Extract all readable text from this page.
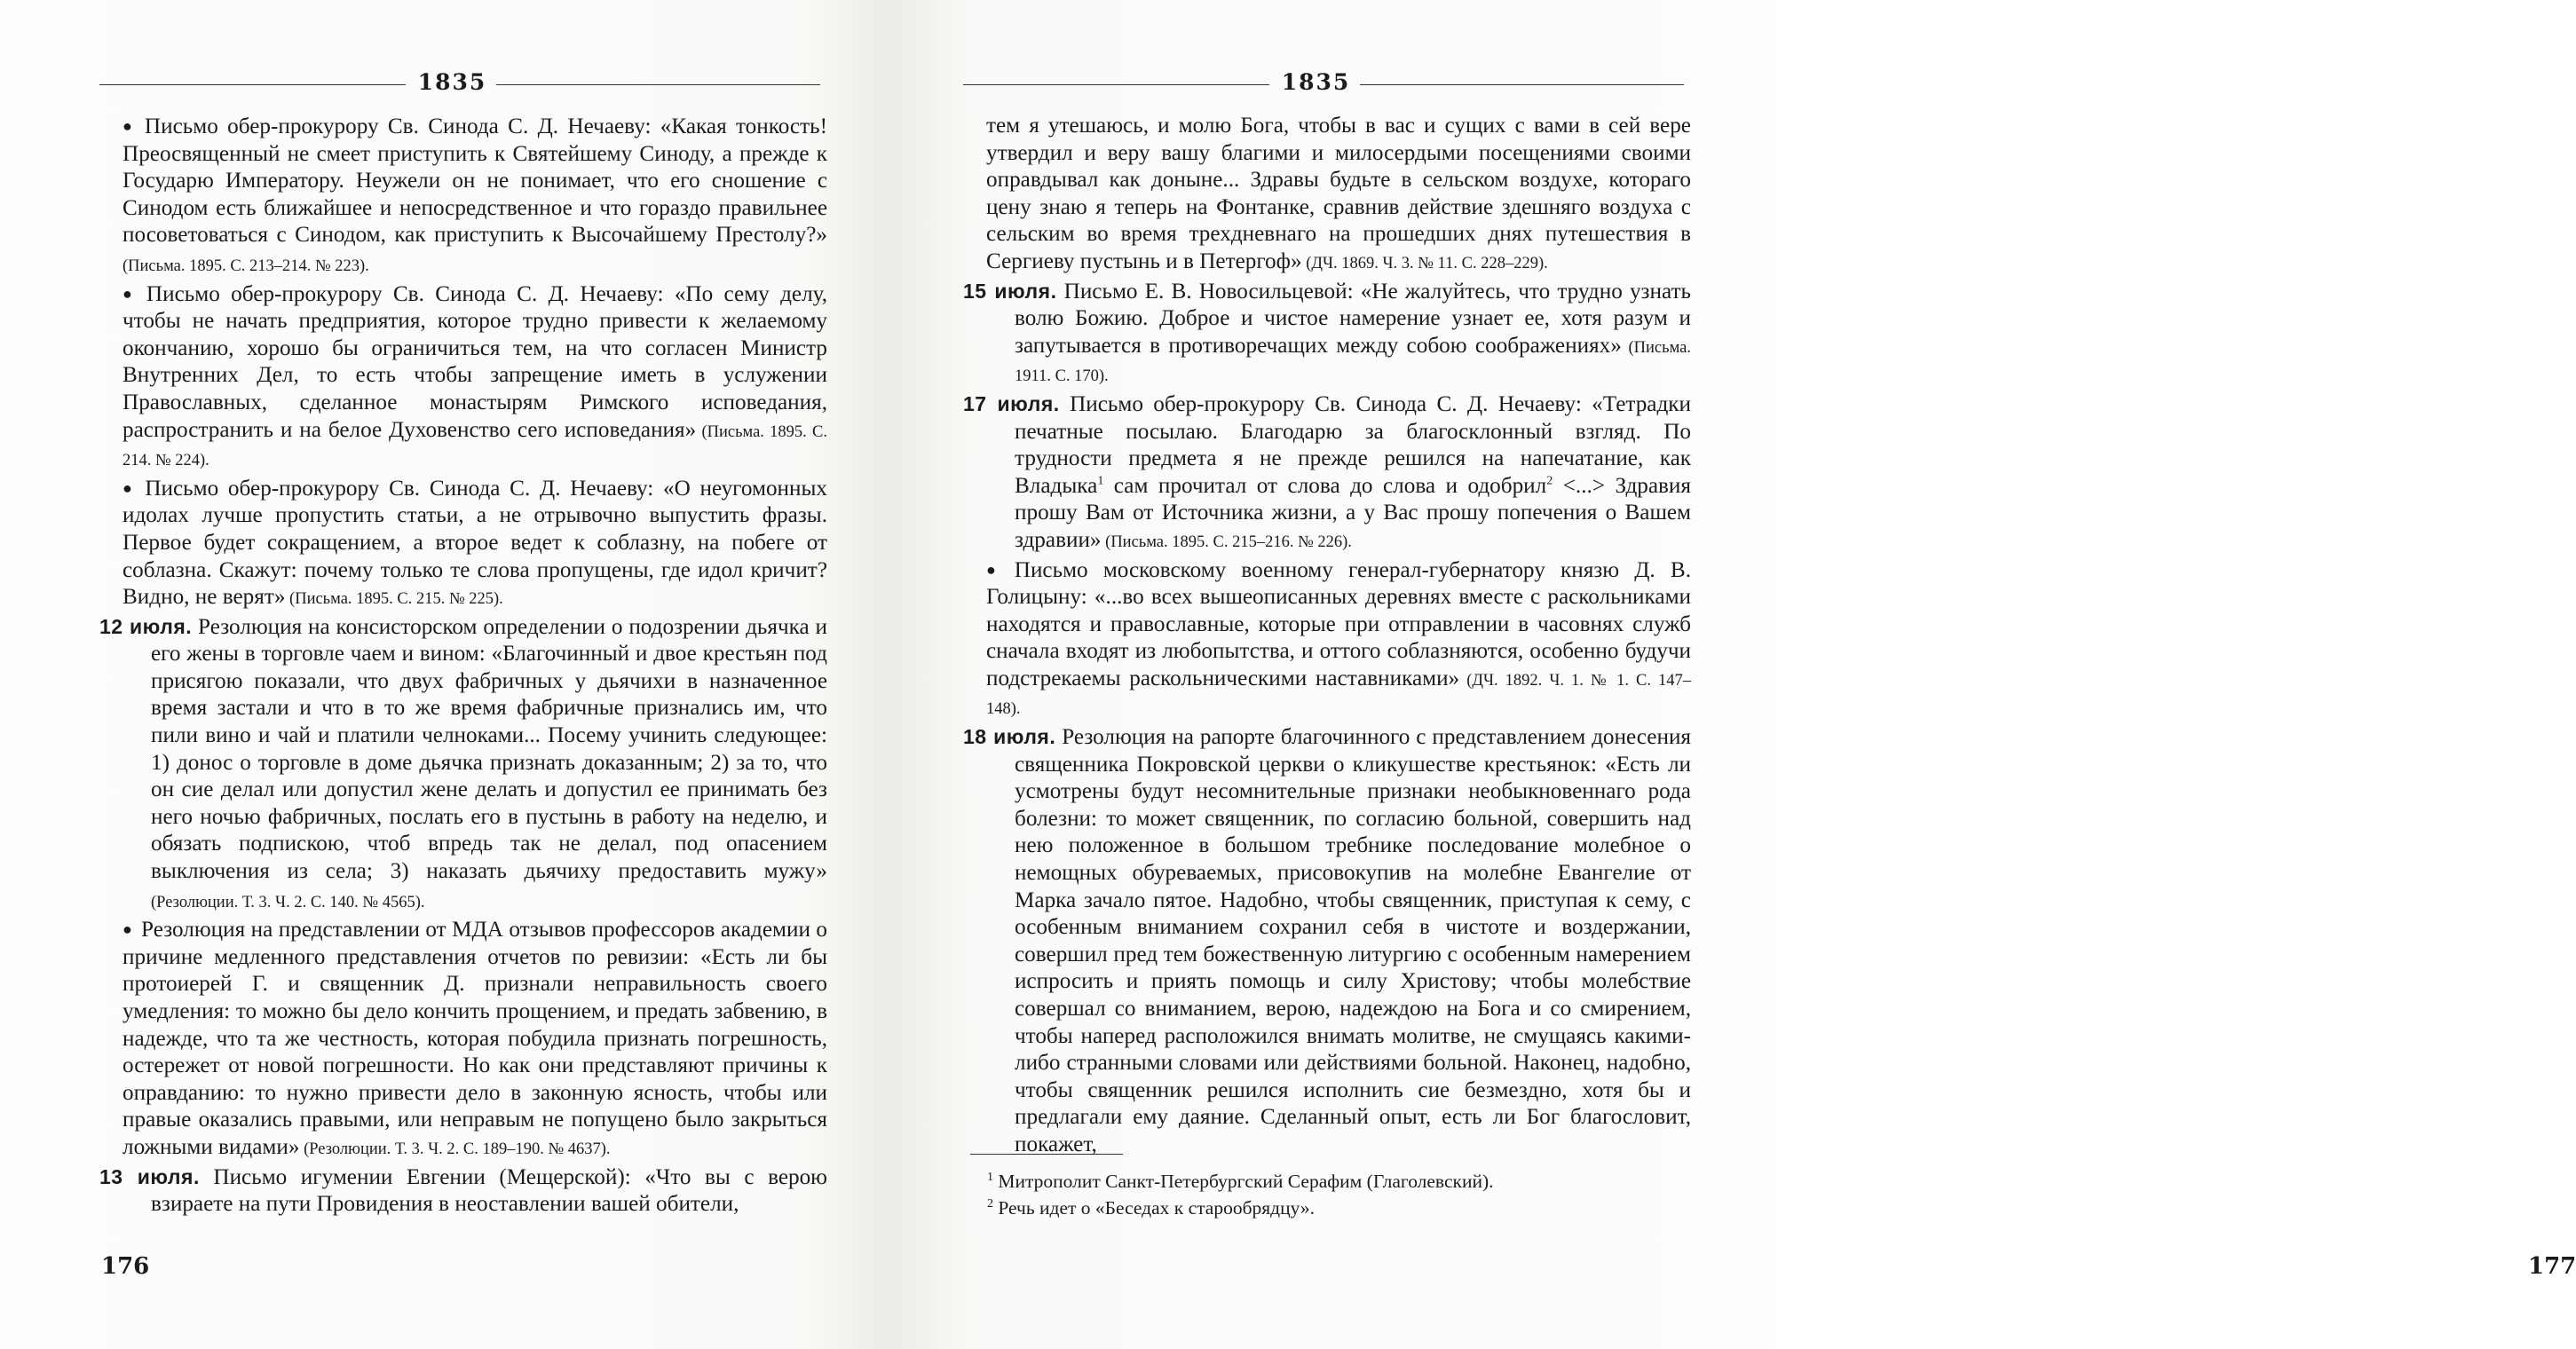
1835

● Письмо обер-прокурору Св. Синода С. Д. Нечаеву: «Какая тонкость! Преосвященный не смеет приступить к Святейшему Синоду, а прежде к Государю Императору. Неужели он не понимает, что его сношение с Синодом есть ближайшее и непосредственное и что гораздо правильнее посоветоваться с Синодом, как приступить к Высочайшему Престолу?» (Письма. 1895. С. 213–214. № 223).

● Письмо обер-прокурору Св. Синода С. Д. Нечаеву: «По сему делу, чтобы не начать предприятия, которое трудно привести к желаемому окончанию, хорошо бы ограничиться тем, на что согласен Министр Внутренних Дел, то есть чтобы запрещение иметь в услужении Православных, сделанное монастырям Римского исповедания, распространить и на белое Духовенство сего исповедания» (Письма. 1895. С. 214. № 224).

● Письмо обер-прокурору Св. Синода С. Д. Нечаеву: «О неугомонных идолах лучше пропустить статьи, а не отрывочно выпустить фразы. Первое будет сокращением, а второе ведет к соблазну, на побеге от соблазна. Скажут: почему только те слова пропущены, где идол кричит? Видно, не верят» (Письма. 1895. С. 215. № 225).

12 июля. Резолюция на консисторском определении о подозрении дьячка и его жены в торговле чаем и вином: «Благочинный и двое крестьян под присягою показали, что двух фабричных у дьячихи в назначенное время застали и что в то же время фабричные признались им, что пили вино и чай и платили челноками... Посему учинить следующее: 1) донос о торговле в доме дьячка признать доказанным; 2) за то, что он сие делал или допустил жене делать и допустил ее принимать без него ночью фабричных, послать его в пустынь в работу на неделю, и обязать подпискою, чтоб впредь так не делал, под опасением выключения из села; 3) наказать дьячиху предоставить мужу» (Резолюции. Т. 3. Ч. 2. С. 140. № 4565).

● Резолюция на представлении от МДА отзывов профессоров академии о причине медленного представления отчетов по ревизии: «Есть ли бы протоиерей Г. и священник Д. признали неправильность своего умедления: то можно бы дело кончить прощением, и предать забвению, в надежде, что та же честность, которая побудила признать погрешность, остережет от новой погрешности. Но как они представляют причины к оправданию: то нужно привести дело в законную ясность, чтобы или правые оказались правыми, или неправым не попущено было закрыться ложными видами» (Резолюции. Т. 3. Ч. 2. С. 189–190. № 4637).

13 июля. Письмо игумении Евгении (Мещерской): «Что вы с верою взираете на пути Провидения в неоставлении вашей обители,

176
1835

тем я утешаюсь, и молю Бога, чтобы в вас и сущих с вами в сей вере утвердил и веру вашу благими и милосердыми посещениями своими оправдывал как доныне... Здравы будьте в сельском воздухе, котораго цену знаю я теперь на Фонтанке, сравнив действие здешняго воздуха с сельским во время трехдневнаго на прошедших днях путешествия в Сергиеву пустынь и в Петергоф» (ДЧ. 1869. Ч. 3. № 11. С. 228–229).

15 июля. Письмо Е. В. Новосильцевой: «Не жалуйтесь, что трудно узнать волю Божию. Доброе и чистое намерение узнает ее, хотя разум и запутывается в противоречащих между собою соображениях» (Письма. 1911. С. 170).

17 июля. Письмо обер-прокурору Св. Синода С. Д. Нечаеву: «Тетрадки печатные посылаю. Благодарю за благосклонный взгляд. По трудности предмета я не прежде решился на напечатание, как Владыка$^1$ сам прочитал от слова до слова и одобрил$^2$ <...> Здравия прошу Вам от Источника жизни, а у Вас прошу попечения о Вашем здравии» (Письма. 1895. С. 215–216. № 226).

● Письмо московскому военному генерал-губернатору князю Д. В. Голицыну: «...во всех вышеописанных деревнях вместе с раскольниками находятся и православные, которые при отправлении в часовнях служб сначала входят из любопытства, и оттого соблазняются, особенно будучи подстрекаемы раскольническими наставниками» (ДЧ. 1892. Ч. 1. № 1. С. 147–148).

18 июля. Резолюция на рапорте благочинного с представлением донесения священника Покровской церкви о кликушестве крестьянок: «Есть ли усмотрены будут несомнительные признаки необыкновеннаго рода болезни: то может священник, по согласию больной, совершить над нею положенное в большом требнике последование молебное о немощных обуреваемых, присовокупив на молебне Евангелие от Марка зачало пятое. Надобно, чтобы священник, приступая к сему, с особенным вниманием сохранил себя в чистоте и воздержании, совершил пред тем божественную литургию с особенным намерением испросить и приять помощь и силу Христову; чтобы молебствие совершал со вниманием, верою, надеждою на Бога и со смирением, чтобы наперед расположился внимать молитве, не смущаясь какими-либо странными словами или действиями больной. Наконец, надобно, чтобы священник решился исполнить сие безмездно, хотя бы и предлагали ему даяние. Сделанный опыт, есть ли Бог благословит, покажет,

177
$^1$ Митрополит Санкт-Петербургский Серафим (Глаголевский).
$^2$ Речь идет о «Беседах к старообрядцу».
